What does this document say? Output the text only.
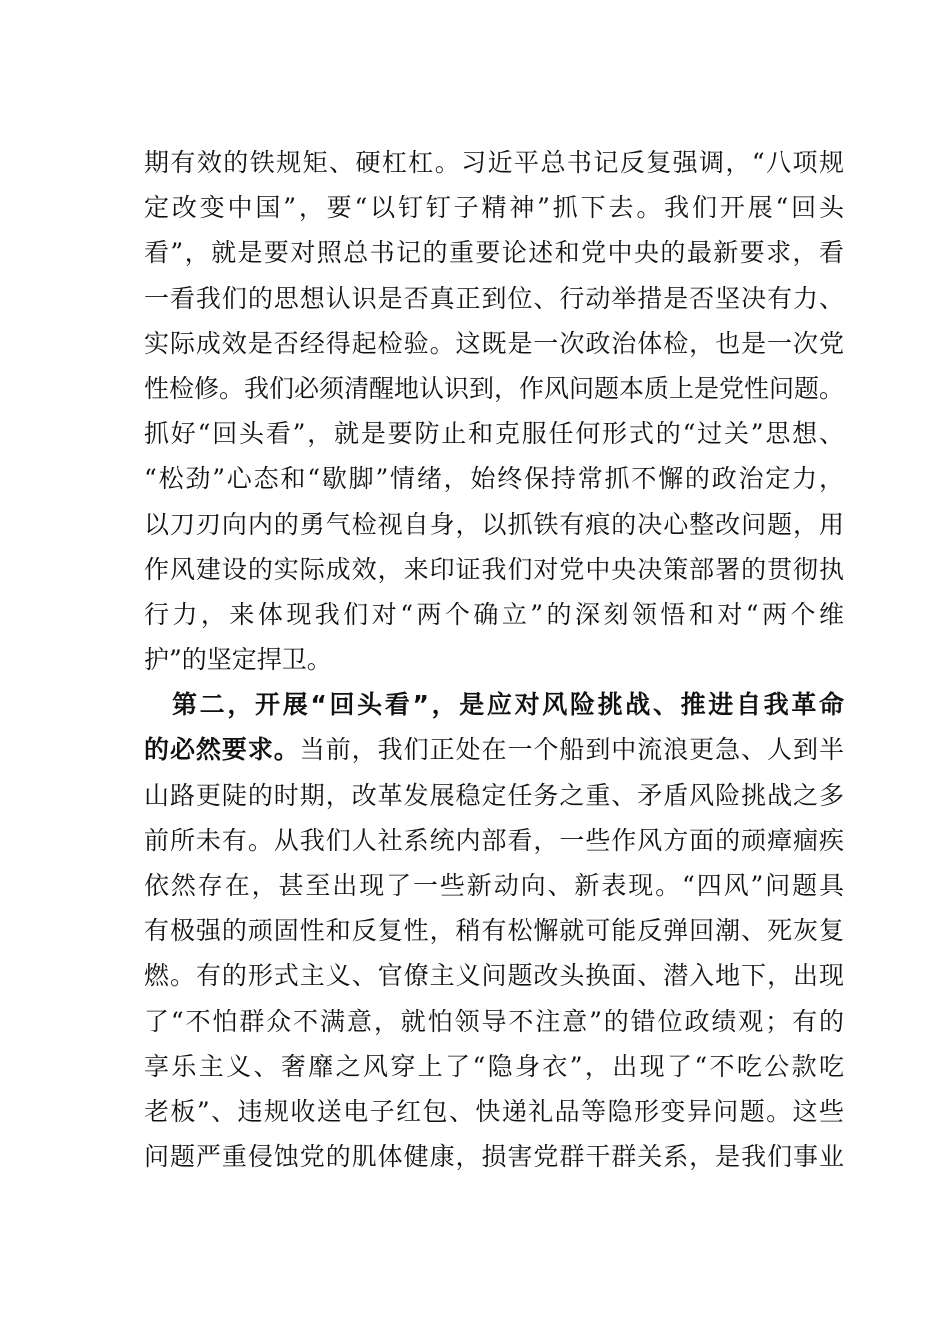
期有效的铁规矩、硬杠杠。习近平总书记反复强调，“八项规
定改变中国”，要“以钉钉子精神”抓下去。我们开展“回头
看”，就是要对照总书记的重要论述和党中央的最新要求，看
一看我们的思想认识是否真正到位、行动举措是否坚决有力、
实际成效是否经得起检验。这既是一次政治体检，也是一次党
性检修。我们必须清醒地认识到，作风问题本质上是党性问题。
抓好“回头看”，就是要防止和克服任何形式的“过关”思想、
“松劲”心态和“歇脚”情绪，始终保持常抓不懈的政治定力，
以刀刃向内的勇气检视自身，以抓铁有痕的决心整改问题，用
作风建设的实际成效，来印证我们对党中央决策部署的贯彻执
行力，来体现我们对“两个确立”的深刻领悟和对“两个维
护”的坚定捍卫。
第二，开展“回头看”，是应对风险挑战、推进自我革命
的必然要求。当前，我们正处在一个船到中流浪更急、人到半
山路更陡的时期，改革发展稳定任务之重、矛盾风险挑战之多
前所未有。从我们人社系统内部看，一些作风方面的顽瘴痼疾
依然存在，甚至出现了一些新动向、新表现。“四风”问题具
有极强的顽固性和反复性，稍有松懈就可能反弹回潮、死灰复
燃。有的形式主义、官僚主义问题改头换面、潜入地下，出现
了“不怕群众不满意，就怕领导不注意”的错位政绩观；有的
享乐主义、奢靡之风穿上了“隐身衣”，出现了“不吃公款吃
老板”、违规收送电子红包、快递礼品等隐形变异问题。这些
问题严重侵蚀党的肌体健康，损害党群干群关系，是我们事业
